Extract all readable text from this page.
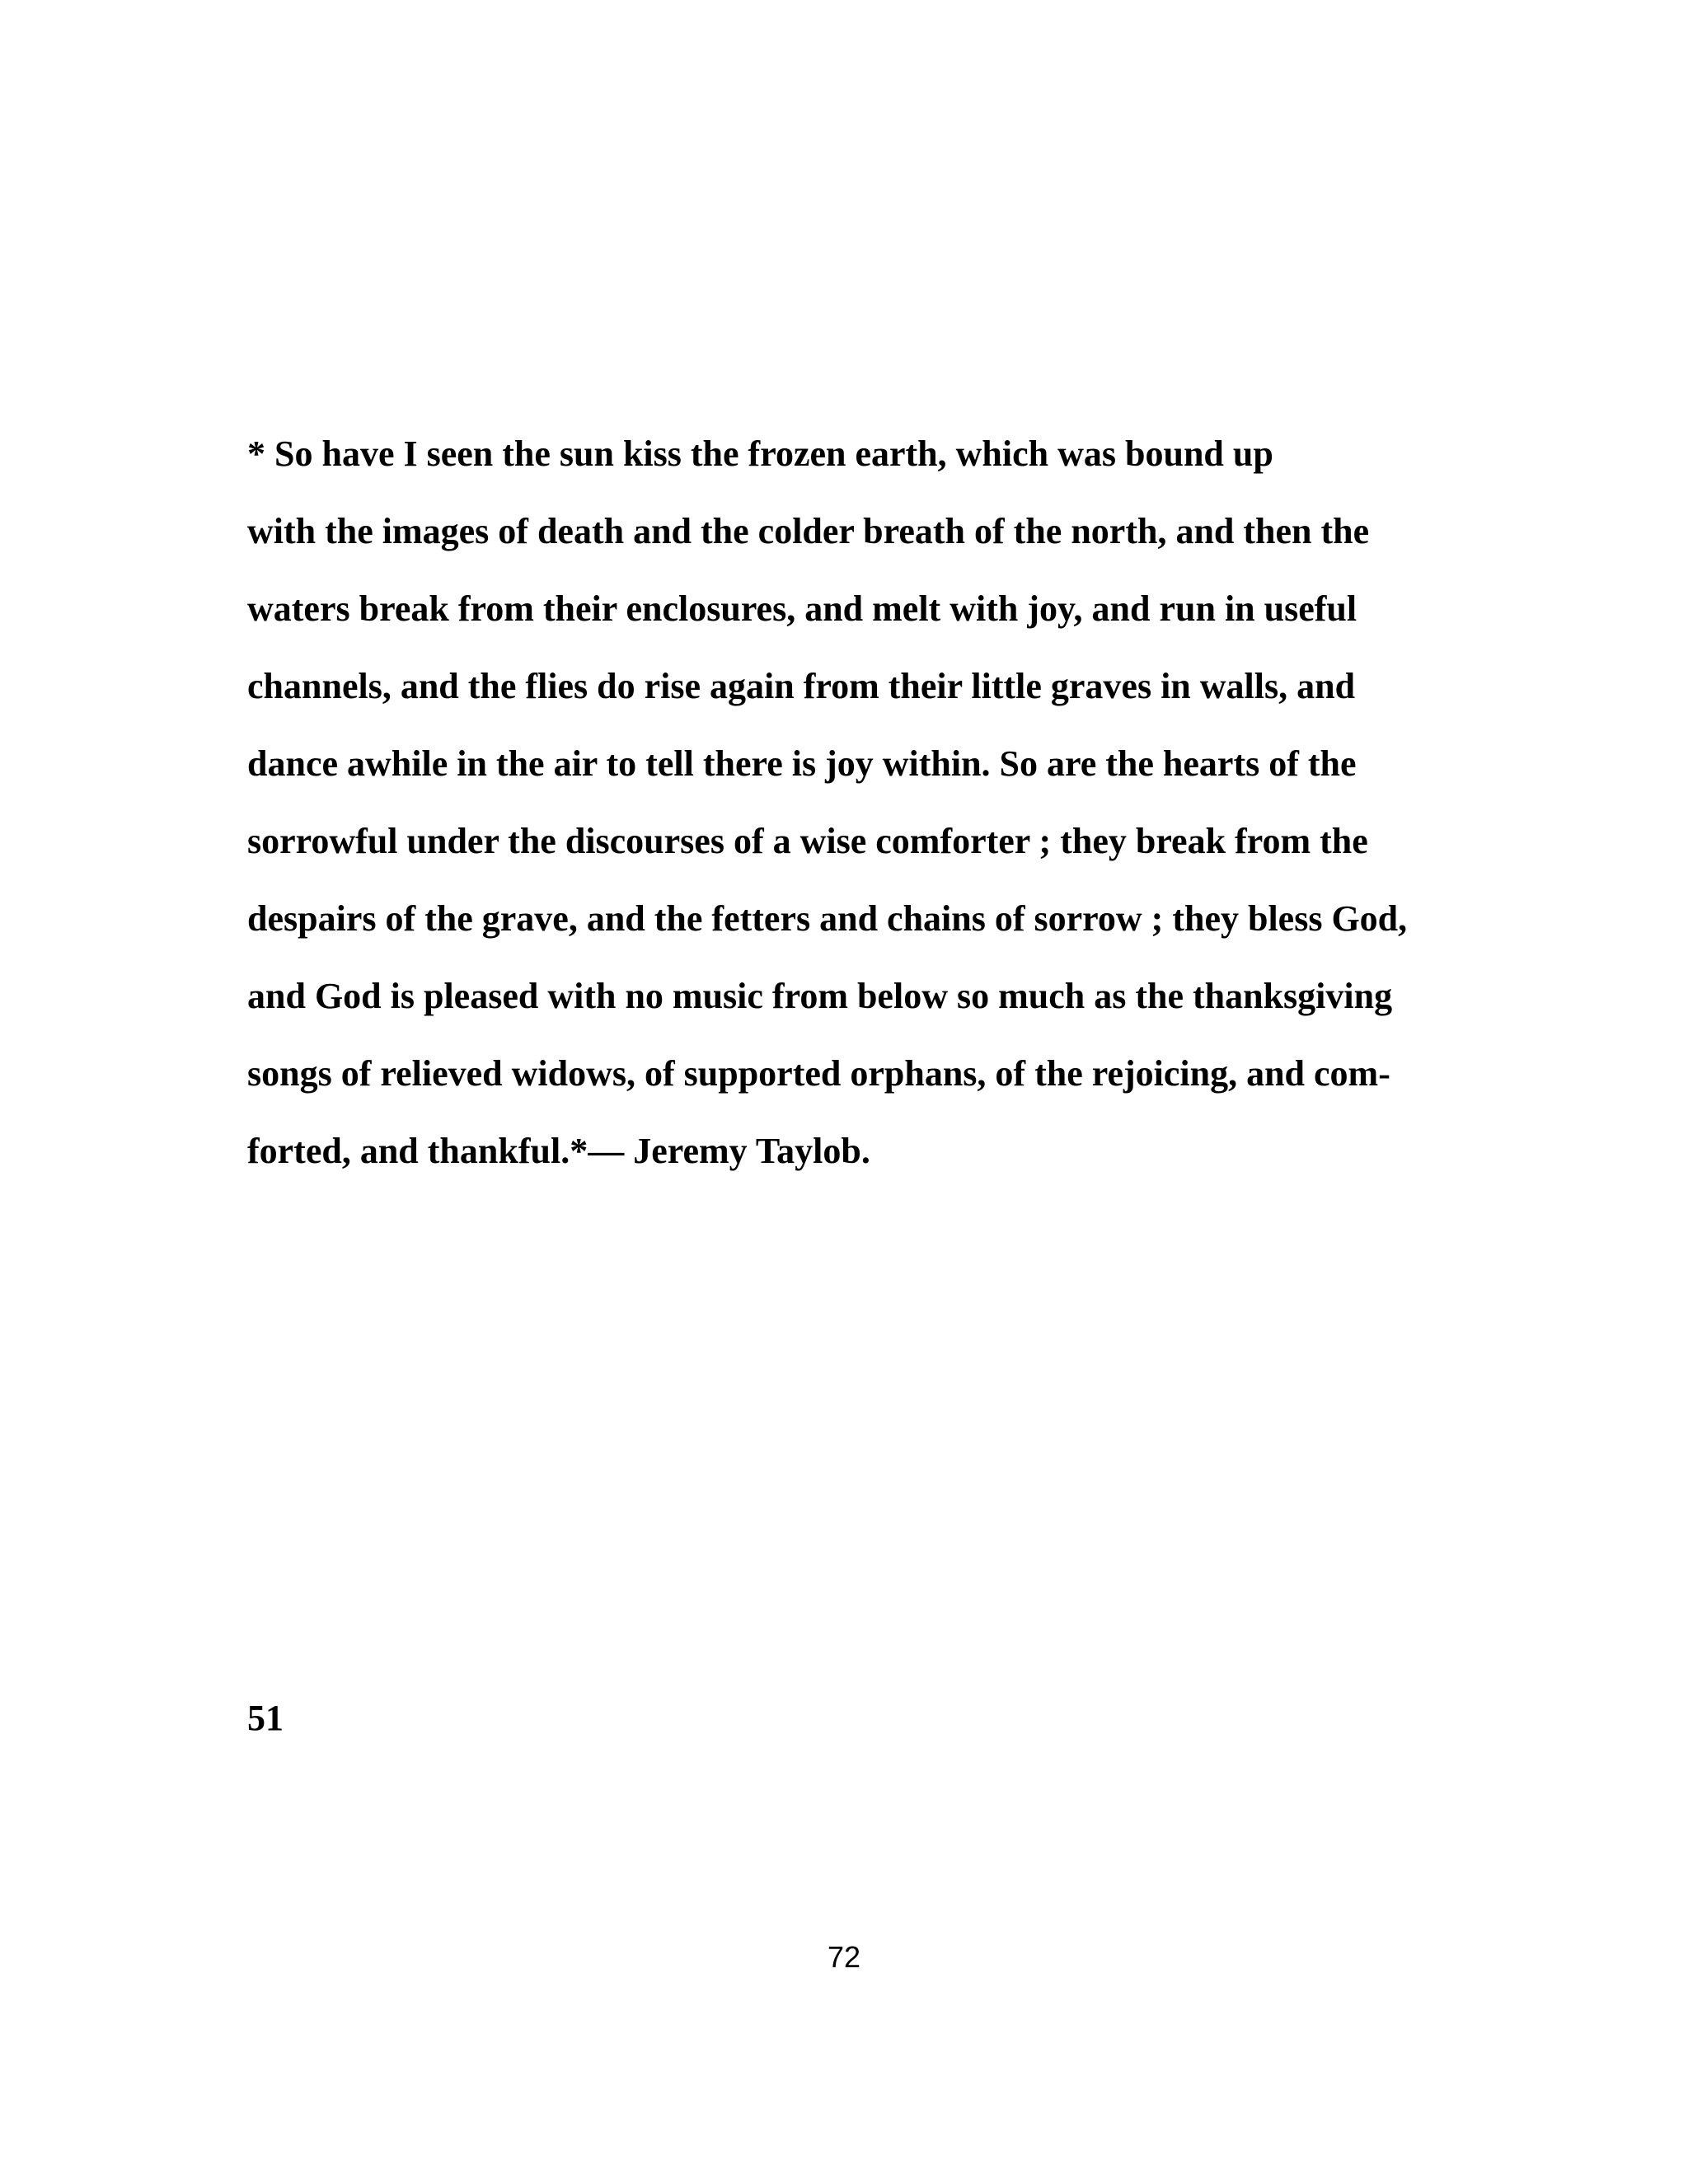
* So have I seen the sun kiss the frozen earth, which was bound up

with the images of death and the colder breath of the north, and then the

waters break from their enclosures, and melt with joy, and run in useful

channels, and the flies do rise again from their little graves in walls, and

dance awhile in the air to tell there is joy within. So are the hearts of the

sorrowful under the discourses of a wise comforter ; they break from the

despairs of the grave, and the fetters and chains of sorrow ; they bless God,

and God is pleased with no music from below so much as the thanksgiving

songs of relieved widows, of supported orphans, of the rejoicing, and com-

forted, and thankful.*— Jeremy Taylob.

51
72
